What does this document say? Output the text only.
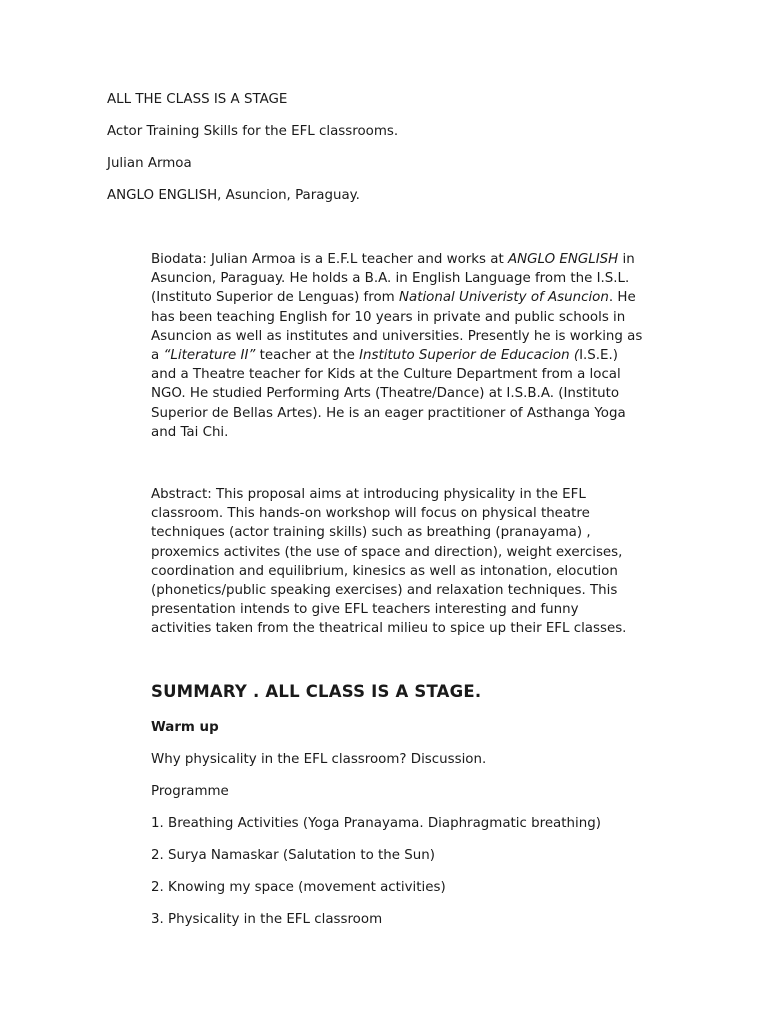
ALL THE CLASS IS A STAGE
Actor Training Skills for the EFL classrooms.
Julian Armoa
ANGLO ENGLISH, Asuncion, Paraguay.
Biodata: Julian Armoa is a E.F.L teacher and works at ANGLO ENGLISH in
Asuncion, Paraguay. He holds a B.A. in English Language from the I.S.L.
(Instituto Superior de Lenguas) from National Univeristy of Asuncion. He
has been teaching English for 10 years in private and public schools in
Asuncion as well as institutes and universities. Presently he is working as
a “Literature II” teacher at the Instituto Superior de Educacion (I.S.E.)
and a Theatre teacher for Kids at the Culture Department from a local
NGO. He studied Performing Arts (Theatre/Dance) at I.S.B.A. (Instituto
Superior de Bellas Artes). He is an eager practitioner of Asthanga Yoga
and Tai Chi.
Abstract: This proposal aims at introducing physicality in the EFL
classroom. This hands-on workshop will focus on physical theatre
techniques (actor training skills) such as breathing (pranayama) ,
proxemics activites (the use of space and direction), weight exercises,
coordination and equilibrium, kinesics as well as intonation, elocution
(phonetics/public speaking exercises) and relaxation techniques. This
presentation intends to give EFL teachers interesting and funny
activities taken from the theatrical milieu to spice up their EFL classes.
SUMMARY . ALL CLASS IS A STAGE.
Warm up
Why physicality in the EFL classroom? Discussion.
Programme
1. Breathing Activities (Yoga Pranayama. Diaphragmatic breathing)
2. Surya Namaskar (Salutation to the Sun)
2. Knowing my space (movement activities)
3. Physicality in the EFL classroom
